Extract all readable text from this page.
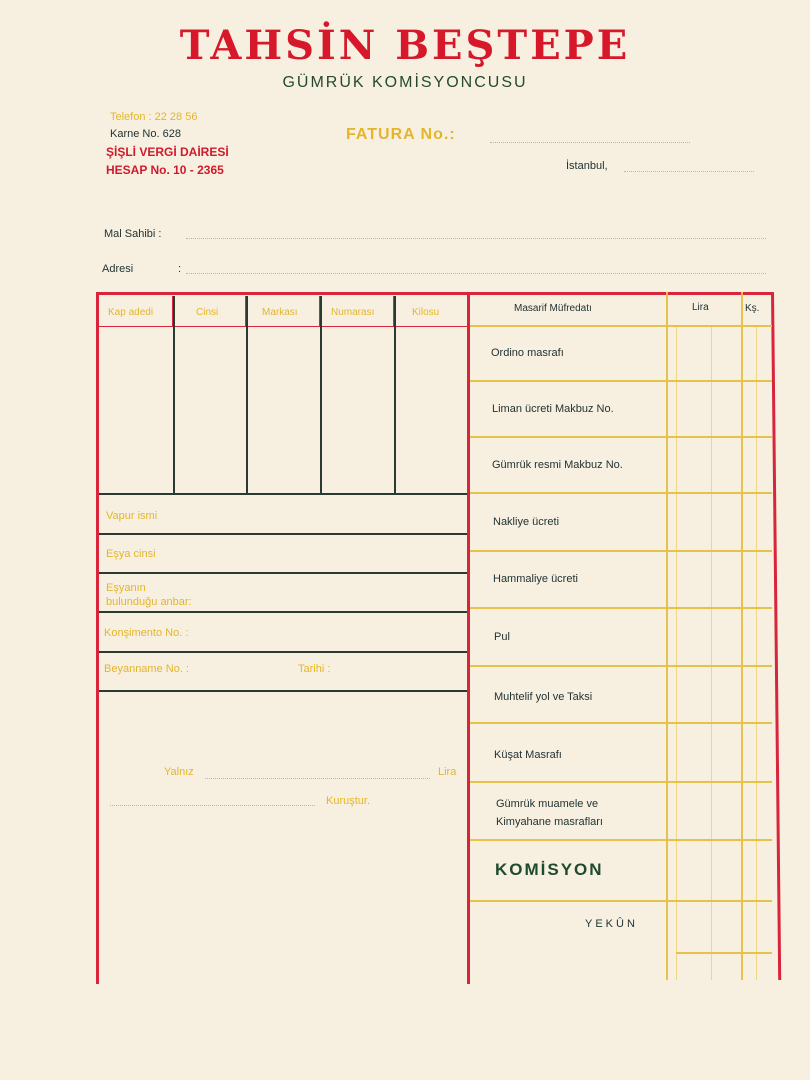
TAHSİN BEŞTEPE
GÜMRÜK KOMİSYONCUSU
Telefon : 22 28 56
Karne No. 628
ŞİŞLİ VERGİ DAİRESİ
HESAP No. 10 - 2365
FATURA No.:
İstanbul,
Mal Sahibi :
Adresi	:
Kap adedi	Cinsi	Markası	Numarası	Kilosu
Vapur ismi
Eşya cinsi
Eşyanın
bulunduğu anbar:
Konşimento No. :
Beyanname No. :	Tarihi :
Yalnız	Lira
Kuruştur.
Masarif Müfredatı	Lira	Kş.
Ordino masrafı
Liman ücreti Makbuz No.
Gümrük resmi Makbuz No.
Nakliye ücreti
Hammaliye ücreti
Pul
Muhtelif yol ve Taksi
Küşat Masrafı
Gümrük muamele ve
Kimyahane masrafları
KOMİSYON
YEKÛN
